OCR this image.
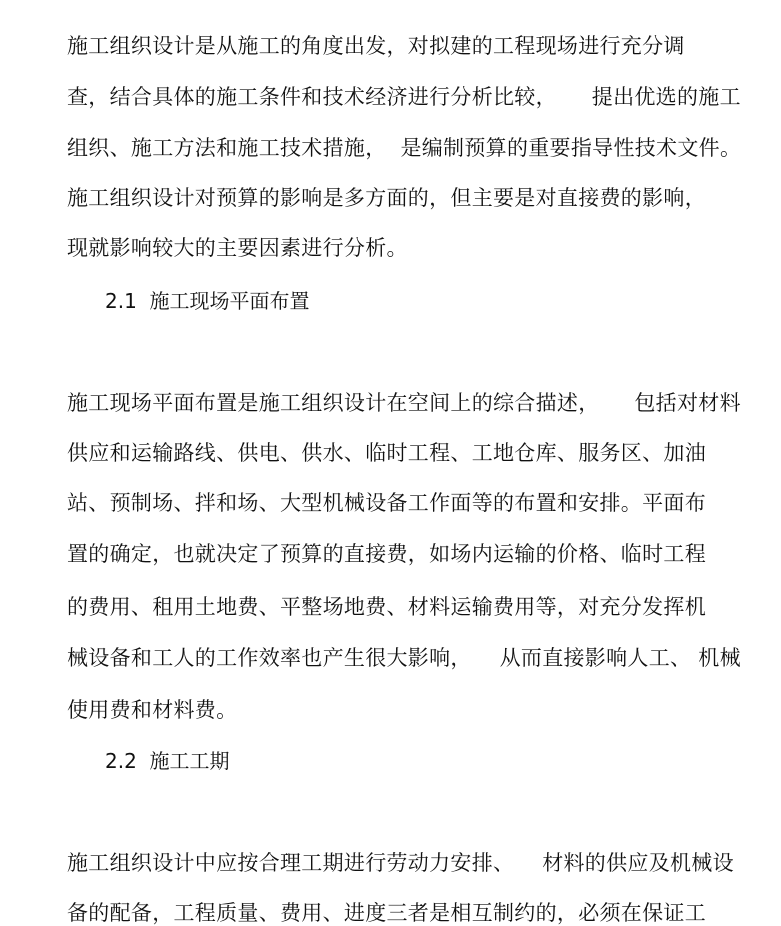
施工组织设计是从施工的角度出发，对拟建的工程现场进行充分调
查，结合具体的施工条件和技术经济进行分析比较，     提出优选的施工
组织、施工方法和施工技术措施，  是编制预算的重要指导性技术文件。
施工组织设计对预算的影响是多方面的，但主要是对直接费的影响，
现就影响较大的主要因素进行分析。
2.1  施工现场平面布置
施工现场平面布置是施工组织设计在空间上的综合描述，     包括对材料
供应和运输路线、供电、供水、临时工程、工地仓库、服务区、加油
站、预制场、拌和场、大型机械设备工作面等的布置和安排。平面布
置的确定，也就决定了预算的直接费，如场内运输的价格、临时工程
的费用、租用土地费、平整场地费、材料运输费用等，对充分发挥机
械设备和工人的工作效率也产生很大影响，    从而直接影响人工、 机械
使用费和材料费。
2.2  施工工期
施工组织设计中应按合理工期进行劳动力安排、    材料的供应及机械设
备的配备，工程质量、费用、进度三者是相互制约的，必须在保证工
